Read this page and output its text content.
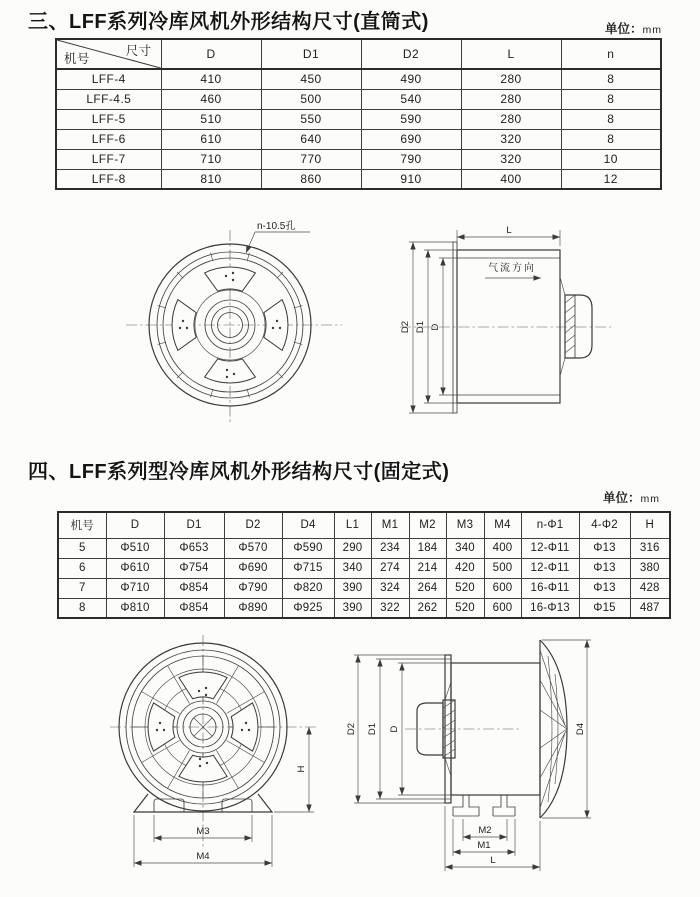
三、LFF系列冷库风机外形结构尺寸(直筒式)	单位：mm
尺寸
机号	D	D1	D2	L	n
LFF-4	410	450	490	280	8
LFF-4.5	460	500	540	280	8
LFF-5	510	550	590	280	8
LFF-6	610	640	690	320	8
LFF-7	710	770	790	320	10
LFF-8	810	860	910	400	12
n-10.5孔	L
D2 D1 D
气流方向
四、LFF系列型冷库风机外形结构尺寸(固定式)
单位：mm
机号	D	D1	D2	D4	L1	M1	M2	M3	M4	n-Φ1	4-Φ2	H
5	Φ510	Φ653	Φ570	Φ590	290	234	184	340	400	12-Φ11	Φ13	316
6	Φ610	Φ754	Φ690	Φ715	340	274	214	420	500	12-Φ11	Φ13	380
7	Φ710	Φ854	Φ790	Φ820	390	324	264	520	600	16-Φ11	Φ13	428
8	Φ810	Φ854	Φ890	Φ925	390	322	262	520	600	16-Φ13	Φ15	487
M3
M4
H
M2
M1
L
D2 D1 D	D4
